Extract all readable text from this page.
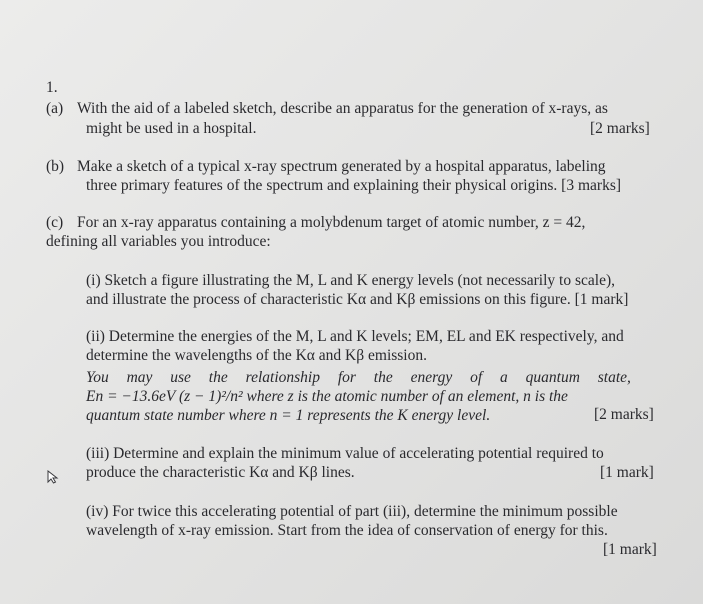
1.

(a) With the aid of a labeled sketch, describe an apparatus for the generation of x-rays, as

might be used in a hospital.	[2 marks]

(b) Make a sketch of a typical x-ray spectrum generated by a hospital apparatus, labeling

three primary features of the spectrum and explaining their physical origins. [3 marks]

(c) For an x-ray apparatus containing a molybdenum target of atomic number, z = 42,

defining all variables you introduce:

(i) Sketch a figure illustrating the M, L and K energy levels (not necessarily to scale),

and illustrate the process of characteristic Kα and Kβ emissions on this figure. [1 mark]

(ii) Determine the energies of the M, L and K levels; EM, EL and EK respectively, and

determine the wavelengths of the Kα and Kβ emission.

You may use the relationship for the energy of a quantum state,

En = −13.6eV (z − 1)²/n² where z is the atomic number of an element, n is the

quantum state number where n = 1 represents the K energy level.	[2 marks]

(iii) Determine and explain the minimum value of accelerating potential required to

produce the characteristic Kα and Kβ lines.	[1 mark]

(iv) For twice this accelerating potential of part (iii), determine the minimum possible

wavelength of x-ray emission. Start from the idea of conservation of energy for this.

[1 mark]
